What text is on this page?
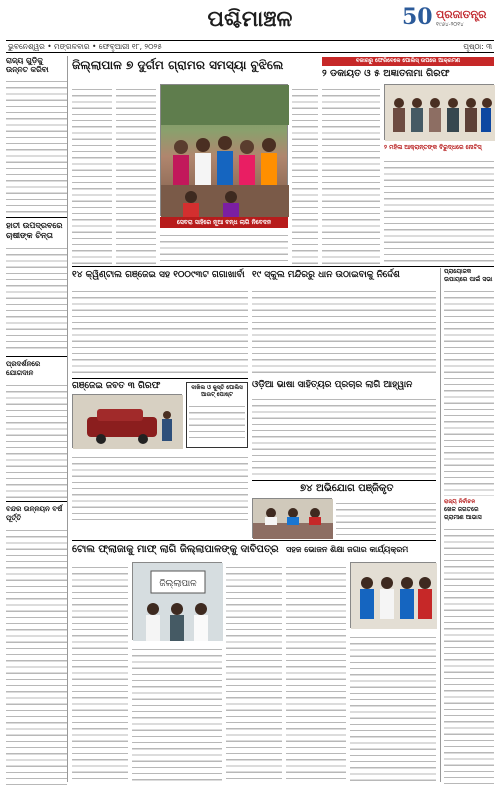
ପଶ୍ଚିମାଞ୍ଚଳ	50 ପ୍ରଜାତନ୍ତ୍ର
୧୯୬୪-୨୦୧୪
ଭୁବନେଶ୍ୱର • ମଙ୍ଗଳବାର • ଫେବୃଆରୀ ୧୮, ୨୦୨୫	ପୃଷ୍ଠା: ୩
ରାଜ୍ୟ ଗୁଡ଼ିକୁ ଉନ୍ନତ କରିବା
ହାତୀ ଉପଦ୍ରବରେ ଚାଷୀଙ୍କ ଚିନ୍ତା
ପ୍ରଦର୍ଶନରେ ଯୋଗଦାନ
ବନ୍ଦର ଉନ୍ନୟନ ବର୍ଷ ପୂର୍ତ୍ତି
ଜିଲ୍ଲାପାଳ ୭ ଦୁର୍ଗମ ଗ୍ରାମର ସମସ୍ୟା ବୁଝିଲେ
ସେବରା ସାହିରେ ନୂଆ ବନ୍ଧ ଲାଗି ନିବେଦନ
ବଜାରରୁ ଫେରିବେଳେ ପୋଲିସ୍ ଉପରେ ଆକ୍ରମଣ
୨ ଡକାୟତ ଓ ୫ ଅଜ୍ଞାତନାମା ଗିରଫ
୨ ମହିଳା ଆକ୍ରାନ୍ତଙ୍କ ବିରୁଦ୍ଧରେ ନୋଟିସ୍
୧୪ କ୍ୱିଣ୍ଟାଲ ଗଞ୍ଜେଇ ସହ ୧୦୦୯୩ଟ ଗଗାଖାର୍ବା ୧୯ ସ୍କୁଲ ମନ୍ଦିରରୁ ଧାନ ଉଠାଇବାକୁ ନିର୍ଦ୍ଦେଶ	ପ୍ରାୟୋଜକ ଉପାୟରେ ପାଇଁ ସଭା
ରାଜ୍ୟ ନିର୍ବାଚନ
ଖେଳ ଜଗତରେ ଗ୍ରାମୀଣ ଆଭାସ
ଗଞ୍ଜେଇ ଜବତ ୩ ଗିରଫ	ଦାଖିଲ ଓ କୁସ୍ତି ପୋଲିସ ଆଉଟ୍ ପୋଷ୍ଟ
ଓଡ଼ିଆ ଭାଷା ସାହିତ୍ୟର ପ୍ରଚାର ଲାଗି ଆହ୍ୱାନ
୭୪ ଅଭିଯୋଗ ପଞ୍ଜିକୃତ
ଟୋଲ ଫ୍ଲାଜାକୁ ମାଫ୍ ଲାଗି ଜିଲ୍ଲାପାଳଙ୍କୁ ଦାବିପତ୍ର
ଜିଲ୍ଲାପାଳ
ସହଜ ଭୋଜନ ଶିକ୍ଷା ଜଗାର କାର୍ଯ୍ୟକ୍ରମ
